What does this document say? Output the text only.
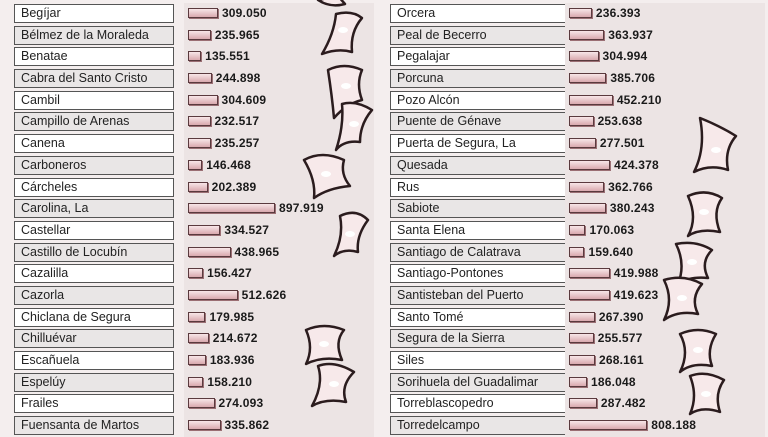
Begíjar	309.050
Bélmez de la Moraleda	235.965
Benatae	135.551
Cabra del Santo Cristo	244.898
Cambil	304.609
Campillo de Arenas	232.517
Canena	235.257
Carboneros	146.468
Cárcheles	202.389
Carolina, La	897.919
Castellar	334.527
Castillo de Locubín	438.965
Cazalilla	156.427
Cazorla	512.626
Chiclana de Segura	179.985
Chilluévar	214.672
Escañuela	183.936
Espelúy	158.210
Frailes	274.093
Fuensanta de Martos	335.862
Orcera	236.393
Peal de Becerro	363.937
Pegalajar	304.994
Porcuna	385.706
Pozo Alcón	452.210
Puente de Génave	253.638
Puerta de Segura, La	277.501
Quesada	424.378
Rus	362.766
Sabiote	380.243
Santa Elena	170.063
Santiago de Calatrava	159.640
Santiago-Pontones	419.988
Santisteban del Puerto	419.623
Santo Tomé	267.390
Segura de la Sierra	255.577
Siles	268.161
Sorihuela del Guadalimar	186.048
Torreblascopedro	287.482
Torredelcampo	808.188
